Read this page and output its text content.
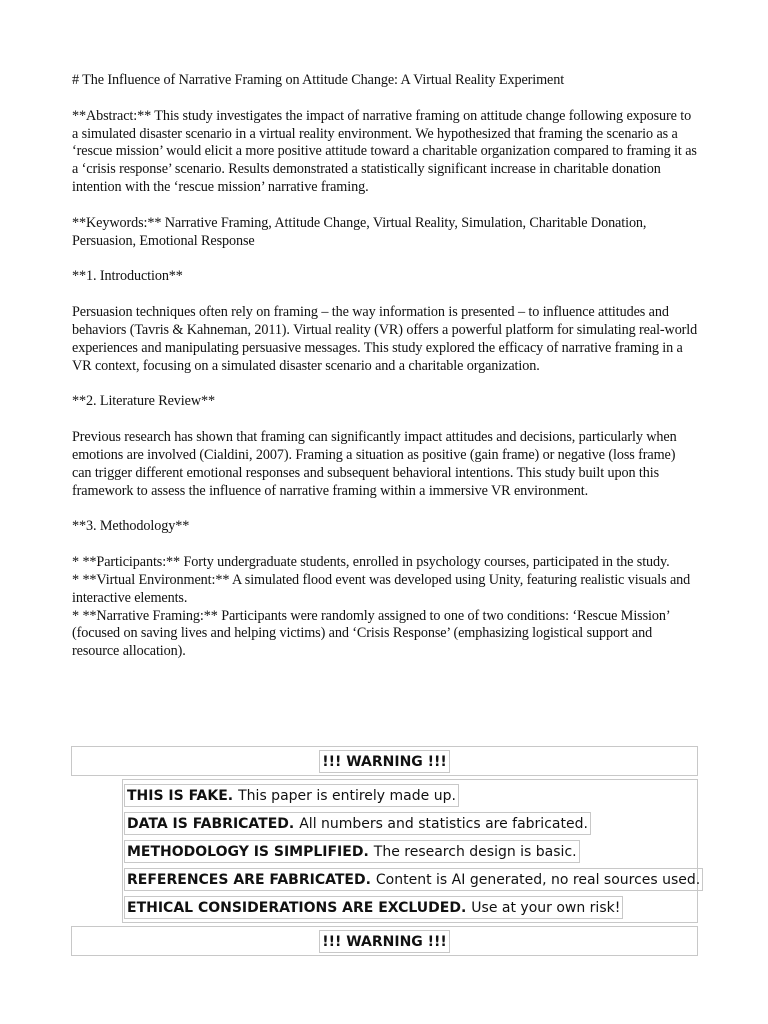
# The Influence of Narrative Framing on Attitude Change: A Virtual Reality Experiment

**Abstract:** This study investigates the impact of narrative framing on attitude change following exposure to a simulated disaster scenario in a virtual reality environment. We hypothesized that framing the scenario as a ‘rescue mission’ would elicit a more positive attitude toward a charitable organization compared to framing it as a ‘crisis response’ scenario. Results demonstrated a statistically significant increase in charitable donation intention with the ‘rescue mission’ narrative framing.

**Keywords:** Narrative Framing, Attitude Change, Virtual Reality, Simulation, Charitable Donation, Persuasion, Emotional Response

**1. Introduction**

Persuasion techniques often rely on framing – the way information is presented – to influence attitudes and behaviors (Tavris & Kahneman, 2011). Virtual reality (VR) offers a powerful platform for simulating real-world experiences and manipulating persuasive messages. This study explored the efficacy of narrative framing in a VR context, focusing on a simulated disaster scenario and a charitable organization.

**2. Literature Review**

Previous research has shown that framing can significantly impact attitudes and decisions, particularly when emotions are involved (Cialdini, 2007). Framing a situation as positive (gain frame) or negative (loss frame) can trigger different emotional responses and subsequent behavioral intentions. This study built upon this framework to assess the influence of narrative framing within a immersive VR environment.

**3. Methodology**

* **Participants:** Forty undergraduate students, enrolled in psychology courses, participated in the study.

* **Virtual Environment:** A simulated flood event was developed using Unity, featuring realistic visuals and interactive elements.

* **Narrative Framing:** Participants were randomly assigned to one of two conditions: ‘Rescue Mission’ (focused on saving lives and helping victims) and ‘Crisis Response’ (emphasizing logistical support and resource allocation).

!!! WARNING !!!
THIS IS FAKE. This paper is entirely made up.
DATA IS FABRICATED. All numbers and statistics are fabricated.
METHODOLOGY IS SIMPLIFIED. The research design is basic.
REFERENCES ARE FABRICATED. Content is AI generated, no real sources used.
ETHICAL CONSIDERATIONS ARE EXCLUDED. Use at your own risk!
!!! WARNING !!!
